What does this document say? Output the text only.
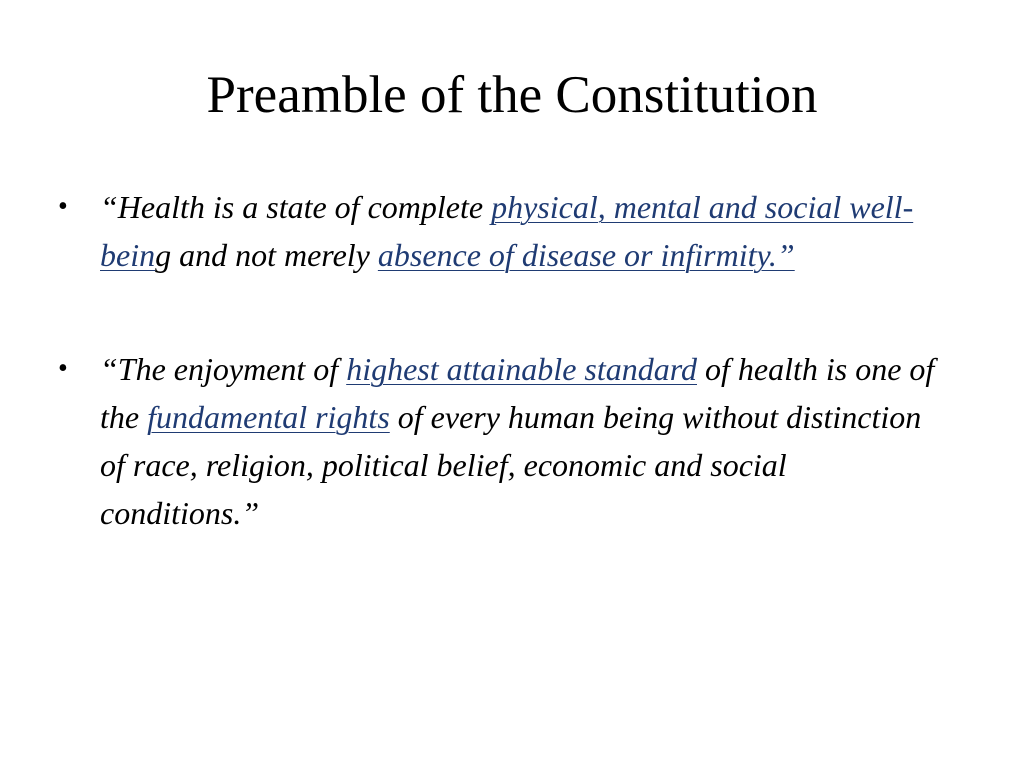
Preamble of the Constitution
• “Health is a state of complete physical, mental and social well-being and not merely absence of disease or infirmity.”
• “The enjoyment of highest attainable standard of health is one of the fundamental rights of every human being without distinction of race, religion, political belief, economic and social conditions.”
